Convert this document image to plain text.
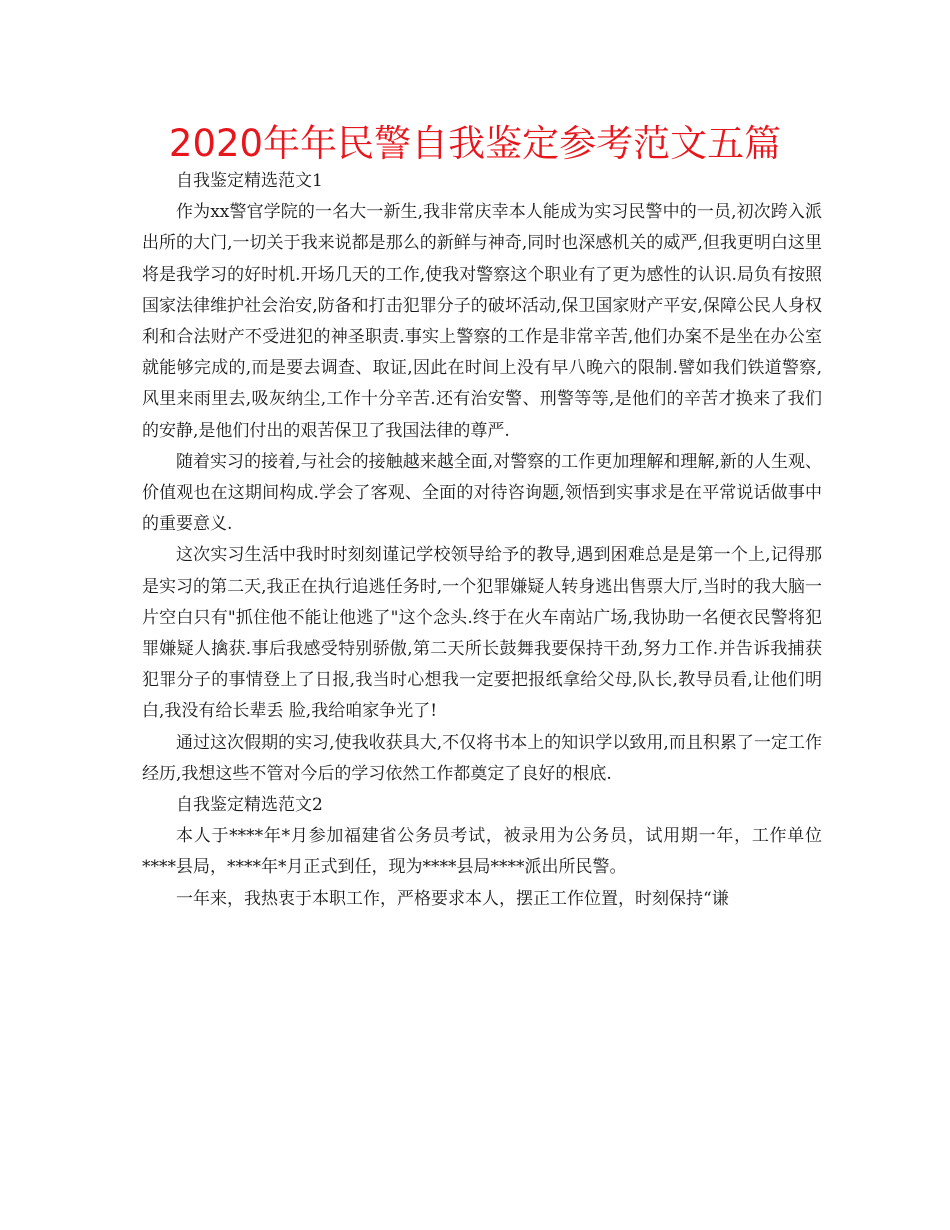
2020年年民警自我鉴定参考范文五篇

自我鉴定精选范文1

作为xx警官学院的一名大一新生,我非常庆幸本人能成为实习民警中的一员,初次跨入派出所的大门,一切关于我来说都是那么的新鲜与神奇,同时也深感机关的威严,但我更明白这里将是我学习的好时机.开场几天的工作,使我对警察这个职业有了更为感性的认识.局负有按照国家法律维护社会治安,防备和打击犯罪分子的破坏活动,保卫国家财产平安,保障公民人身权利和合法财产不受进犯的神圣职责.事实上警察的工作是非常辛苦,他们办案不是坐在办公室就能够完成的,而是要去调查、取证,因此在时间上没有早八晚六的限制.譬如我们铁道警察,风里来雨里去,吸灰纳尘,工作十分辛苦.还有治安警、刑警等等,是他们的辛苦才换来了我们的安静,是他们付出的艰苦保卫了我国法律的尊严.

随着实习的接着,与社会的接触越来越全面,对警察的工作更加理解和理解,新的人生观、价值观也在这期间构成.学会了客观、全面的对待咨询题,领悟到实事求是在平常说话做事中的重要意义.

这次实习生活中我时时刻刻谨记学校领导给予的教导,遇到困难总是是第一个上,记得那是实习的第二天,我正在执行追逃任务时,一个犯罪嫌疑人转身逃出售票大厅,当时的我大脑一片空白只有"抓住他不能让他逃了"这个念头.终于在火车南站广场,我协助一名便衣民警将犯罪嫌疑人擒获.事后我感受特别骄傲,第二天所长鼓舞我要保持干劲,努力工作.并告诉我捕获犯罪分子的事情登上了日报,我当时心想我一定要把报纸拿给父母,队长,教导员看,让他们明白,我没有给长辈丢 脸,我给咱家争光了!

通过这次假期的实习,使我收获具大,不仅将书本上的知识学以致用,而且积累了一定工作经历,我想这些不管对今后的学习依然工作都奠定了良好的根底.

自我鉴定精选范文2

本人于****年*月参加福建省公务员考试，被录用为公务员，试用期一年，工作单位****县局，****年*月正式到任，现为****县局****派出所民警。

一年来，我热衷于本职工作，严格要求本人，摆正工作位置，时刻保持“谦
